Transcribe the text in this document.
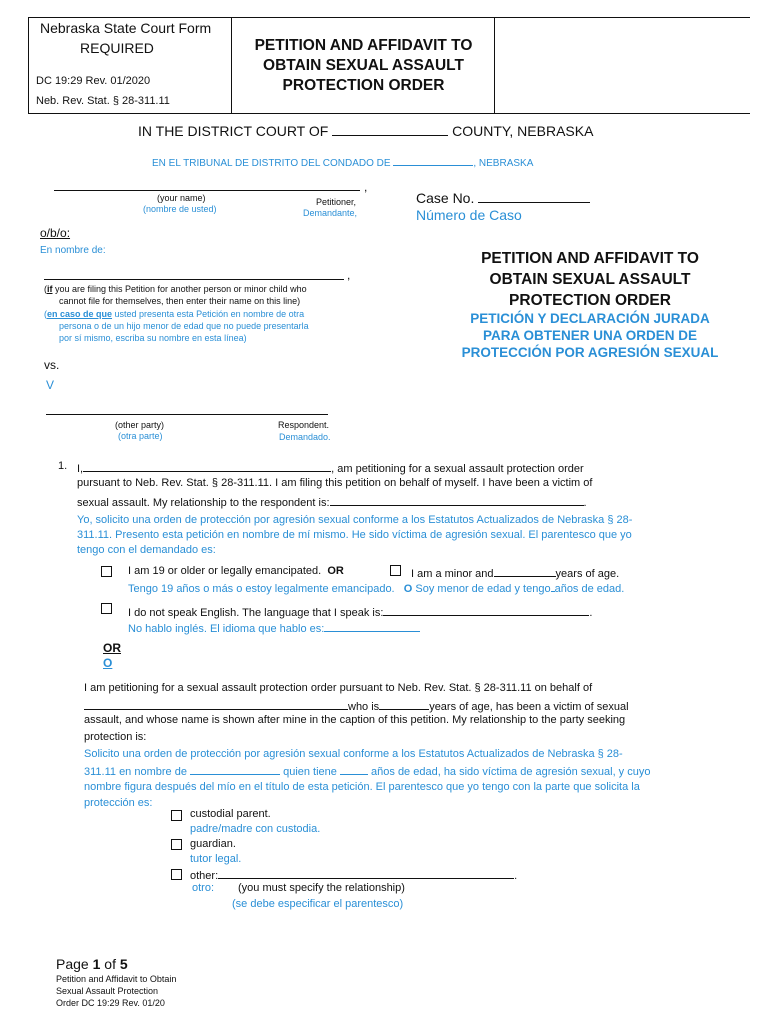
Nebraska State Court Form
REQUIRED
DC 19:29 Rev. 01/2020
Neb. Rev. Stat. § 28-311.11
PETITION AND AFFIDAVIT TO
OBTAIN SEXUAL ASSAULT
PROTECTION ORDER
IN THE DISTRICT COURT OF	COUNTY, NEBRASKA
EN EL TRIBUNAL DE DISTRITO DEL CONDADO DE	, NEBRASKA
,
(your name)
(nombre de usted)
Petitioner,
Demandante,
o/b/o:
En nombre de:
,
(if you are filing this Petition for another person or minor child who
cannot file for themselves, then enter their name on this line)
(en caso de que usted presenta esta Petición en nombre de otra
persona o de un hijo menor de edad que no puede presentarla
por sí mismo, escriba su nombre en esta línea)
vs.
V
(other party)
(otra parte)
Respondent.
Demandado.
Case No.
Número de Caso
PETITION AND AFFIDAVIT TO
OBTAIN SEXUAL ASSAULT
PROTECTION ORDER
PETICIÓN Y DECLARACIÓN JURADA
PARA OBTENER UNA ORDEN DE
PROTECCIÓN POR AGRESIÓN SEXUAL
1. I,	, am petitioning for a sexual assault protection order
pursuant to Neb. Rev. Stat. § 28-311.11. I am filing this petition on behalf of myself. I have been a victim of
sexual assault. My relationship to the respondent is:	.
Yo, solicito una orden de protección por agresión sexual conforme a los Estatutos Actualizados de Nebraska § 28-
311.11. Presento esta petición en nombre de mí mismo. He sido víctima de agresión sexual. El parentesco que yo
tengo con el demandado es:
I am 19 or older or legally emancipated. OR	I am a minor and	years of age.
Tengo 19 años o más o estoy legalmente emancipado. O Soy menor de edad y tengo años de edad.
I do not speak English. The language that I speak is:	.
No hablo inglés. El idioma que hablo es:
OR
O
I am petitioning for a sexual assault protection order pursuant to Neb. Rev. Stat. § 28-311.11 on behalf of
who is	years of age, has been a victim of sexual
assault, and whose name is shown after mine in the caption of this petition. My relationship to the party seeking
protection is:
Solicito una orden de protección por agresión sexual conforme a los Estatutos Actualizados de Nebraska § 28-
311.11 en nombre de	quien tiene	años de edad, ha sido víctima de agresión sexual, y cuyo
nombre figura después del mío en el título de esta petición. El parentesco que yo tengo con la parte que solicita la
protección es:
custodial parent.
padre/madre con custodia.
guardian.
tutor legal.
other:	.
otro: (you must specify the relationship)
(se debe especificar el parentesco)
Page 1 of 5
Petition and Affidavit to Obtain
Sexual Assault Protection
Order DC 19:29 Rev. 01/20
